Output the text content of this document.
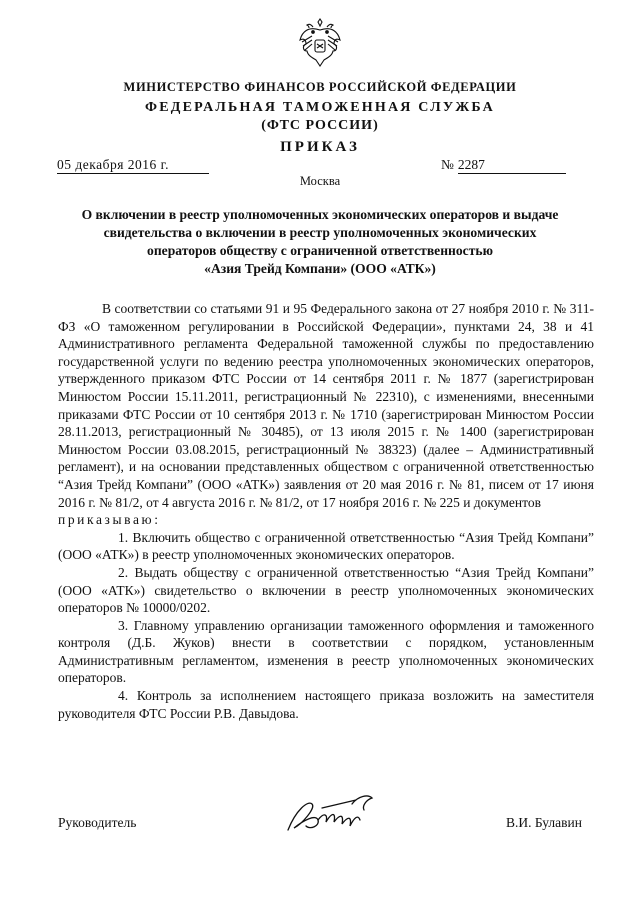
МИНИСТЕРСТВО ФИНАНСОВ РОССИЙСКОЙ ФЕДЕРАЦИИ
ФЕДЕРАЛЬНАЯ ТАМОЖЕННАЯ СЛУЖБА
(ФТС РОССИИ)
ПРИКАЗ
05 декабря 2016 г.	№ 2287
Москва
О включении в реестр уполномоченных экономических операторов и выдаче
свидетельства о включении в реестр уполномоченных экономических
операторов обществу с ограниченной ответственностью
«Азия Трейд Компани» (ООО «АТК»)

В соответствии со статьями 91 и 95 Федерального закона от 27 ноября 2010 г. № 311-ФЗ «О таможенном регулировании в Российской Федерации», пунктами 24, 38 и 41 Административного регламента Федеральной таможенной службы по предоставлению государственной услуги по ведению реестра уполномоченных экономических операторов, утвержденного приказом ФТС России от 14 сентября 2011 г. № 1877 (зарегистрирован Минюстом России 15.11.2011, регистрационный № 22310), с изменениями, внесенными приказами ФТС России от 10 сентября 2013 г. № 1710 (зарегистрирован Минюстом России 28.11.2013, регистрационный № 30485), от 13 июля 2015 г. № 1400 (зарегистрирован Минюстом России 03.08.2015, регистрационный № 38323) (далее – Административный регламент), и на основании представленных обществом с ограниченной ответственностью “Азия Трейд Компани” (ООО «АТК») заявления от 20 мая 2016 г. № 81, писем от 17 июня 2016 г. № 81/2, от 4 августа 2016 г. № 81/2, от 17 ноября 2016 г. № 225 и документов

приказываю:

1. Включить общество с ограниченной ответственностью “Азия Трейд Компани” (ООО «АТК») в реестр уполномоченных экономических операторов.

2. Выдать обществу с ограниченной ответственностью “Азия Трейд Компани” (ООО «АТК») свидетельство о включении в реестр уполномоченных экономических операторов № 10000/0202.

3. Главному управлению организации таможенного оформления и таможенного контроля (Д.Б. Жуков) внести в соответствии с порядком, установленным Административным регламентом, изменения в реестр уполномоченных экономических операторов.

4. Контроль за исполнением настоящего приказа возложить на заместителя руководителя ФТС России Р.В. Давыдова.

Руководитель	В.И. Булавин
